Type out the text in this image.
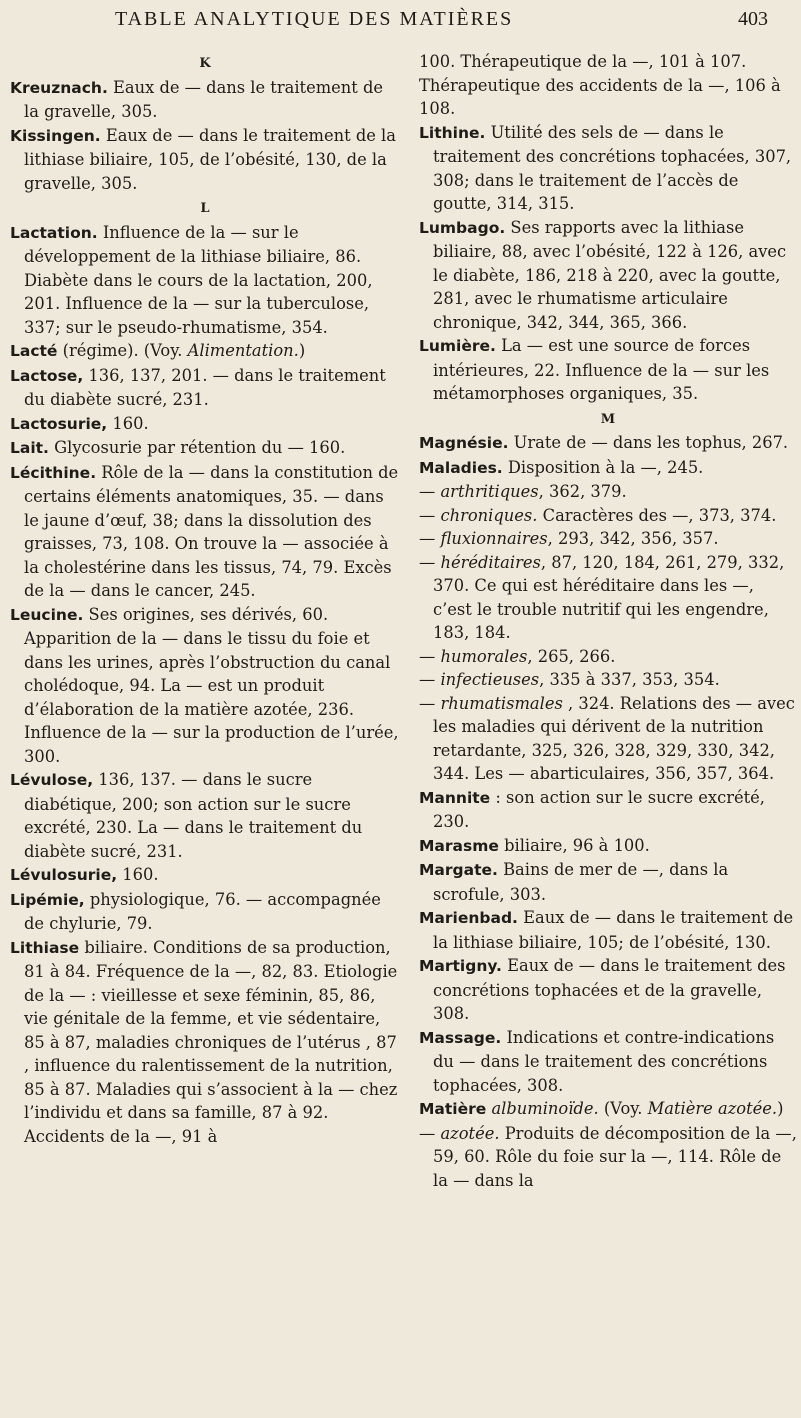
TABLE ANALYTIQUE DES MATIÈRES	403

K

Kreuznach. Eaux de — dans le traitement de la gravelle, 305.

Kissingen. Eaux de — dans le traitement de la lithiase biliaire, 105, de l’obésité, 130, de la gravelle, 305.

L

Lactation. Influence de la — sur le développement de la lithiase biliaire, 86. Diabète dans le cours de la lactation, 200, 201. Influence de la — sur la tuberculose, 337; sur le pseudo-rhumatisme, 354.

Lacté (régime). (Voy. Alimentation.)

Lactose, 136, 137, 201. — dans le traitement du diabète sucré, 231.

Lactosurie, 160.

Lait. Glycosurie par rétention du — 160.

Lécithine. Rôle de la — dans la constitution de certains éléments anatomiques, 35. — dans le jaune d’œuf, 38; dans la dissolution des graisses, 73, 108. On trouve la — associée à la cholestérine dans les tissus, 74, 79. Excès de la — dans le cancer, 245.

Leucine. Ses origines, ses dérivés, 60. Apparition de la — dans le tissu du foie et dans les urines, après l’obstruction du canal cholédoque, 94. La — est un produit d’élaboration de la matière azotée, 236. Influence de la — sur la production de l’urée, 300.

Lévulose, 136, 137. — dans le sucre diabétique, 200; son action sur le sucre excrété, 230. La — dans le traitement du diabète sucré, 231.

Lévulosurie, 160.

Lipémie, physiologique, 76. — accompagnée de chylurie, 79.

Lithiase biliaire. Conditions de sa production, 81 à 84. Fréquence de la —, 82, 83. Etiologie de la — : vieillesse et sexe féminin, 85, 86, vie génitale de la femme, et vie sédentaire, 85 à 87, maladies chroniques de l’utérus , 87 , influence du ralentissement de la nutrition, 85 à 87. Maladies qui s’associent à la — chez l’individu et dans sa famille, 87 à 92. Accidents de la —, 91 à

100. Thérapeutique de la —, 101 à 107. Thérapeutique des accidents de la —, 106 à 108.

Lithine. Utilité des sels de — dans le traitement des concrétions tophacées, 307, 308; dans le traitement de l’accès de goutte, 314, 315.

Lumbago. Ses rapports avec la lithiase biliaire, 88, avec l’obésité, 122 à 126, avec le diabète, 186, 218 à 220, avec la goutte, 281, avec le rhumatisme articulaire chronique, 342, 344, 365, 366.

Lumière. La — est une source de forces intérieures, 22. Influence de la — sur les métamorphoses organiques, 35.

M

Magnésie. Urate de — dans les tophus, 267.

Maladies. Disposition à la —, 245.

— arthritiques, 362, 379.

— chroniques. Caractères des —, 373, 374.

— fluxionnaires, 293, 342, 356, 357.

— héréditaires, 87, 120, 184, 261, 279, 332, 370. Ce qui est héréditaire dans les —, c’est le trouble nutritif qui les engendre, 183, 184.

— humorales, 265, 266.

— infectieuses, 335 à 337, 353, 354.

— rhumatismales , 324. Relations des — avec les maladies qui dérivent de la nutrition retardante, 325, 326, 328, 329, 330, 342, 344. Les — abarticulaires, 356, 357, 364.

Mannite : son action sur le sucre excrété, 230.

Marasme biliaire, 96 à 100.

Margate. Bains de mer de —, dans la scrofule, 303.

Marienbad. Eaux de — dans le traitement de la lithiase biliaire, 105; de l’obésité, 130.

Martigny. Eaux de — dans le traitement des concrétions tophacées et de la gravelle, 308.

Massage. Indications et contre-indications du — dans le traitement des concrétions tophacées, 308.

Matière albuminoïde. (Voy. Matière azotée.)

— azotée. Produits de décomposition de la —, 59, 60. Rôle du foie sur la —, 114. Rôle de la — dans la
